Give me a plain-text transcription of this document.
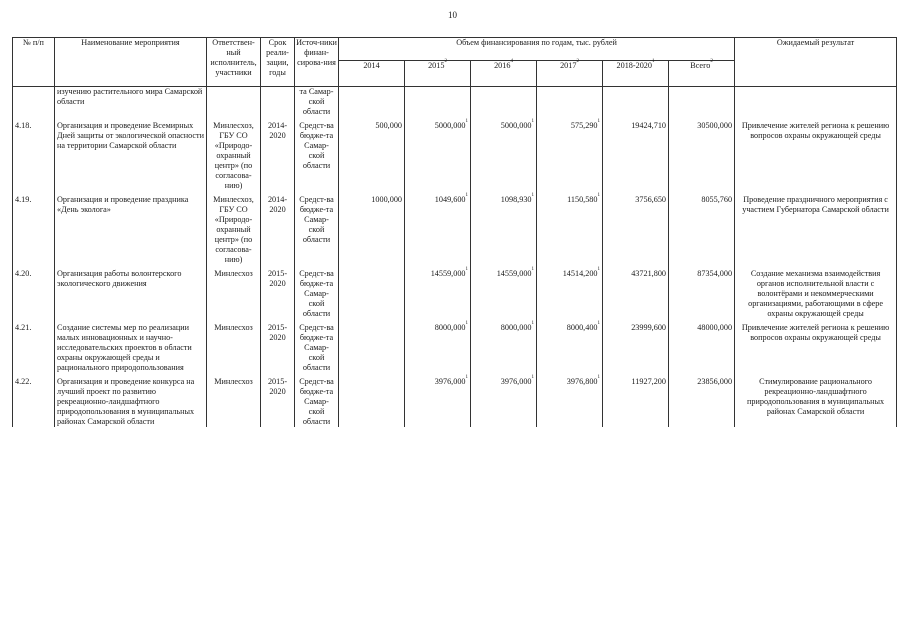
10
№ п/п	Наименование мероприятия	Ответствен-ный исполнитель, участники	Срок реали-зации, годы	Источ-ники финан-сирова-ния	Объем финансирования по годам, тыс. рублей						Ожидаемый результат
					2014	2015$^2$	2016$^4$	2017$^2$	2018-2020$^1$	Всего$^2$
	изучению растительного мира Самарской области			та Самар-ской области							
4.18.	Организация и проведение Всемирных Дней защиты от экологической опасности на территории Самарской области	Минлесхоз, ГБУ СО «Природо-охранный центр» (по согласова-нию)	2014-2020	Средст-ва бюдже-та Самар-ской области	500,000	5000,000$^1$	5000,000$^1$	575,290$^1$	19424,710	30500,000	Привлечение жителей региона к решению вопросов охраны окружающей среды
4.19.	Организация и проведение праздника «День эколога»	Минлесхоз, ГБУ СО «Природо-охранный центр» (по согласова-нию)	2014-2020	Средст-ва бюдже-та Самар-ской области	1000,000	1049,600$^1$	1098,930$^1$	1150,580$^1$	3756,650	8055,760	Проведение праздничного мероприятия с участием Губернатора Самарской области
4.20.	Организация работы волонтерского экологического движения	Минлесхоз	2015-2020	Средст-ва бюдже-та Самар-ской области		14559,000$^1$	14559,000$^1$	14514,200$^1$	43721,800	87354,000	Создание механизма взаимодействия органов исполнительной власти с волонтёрами и некоммерческими организациями, работающими в сфере охраны окружающей среды
4.21.	Создание системы мер по реализации малых инновационных и научно-исследовательских проектов в области охраны окружающей среды и рационального природопользования	Минлесхоз	2015-2020	Средст-ва бюдже-та Самар-ской области		8000,000$^1$	8000,000$^1$	8000,400$^1$	23999,600	48000,000	Привлечение жителей региона к решению вопросов охраны окружающей среды
4.22.	Организация и проведение конкурса на лучший проект по развитию рекреационно-ландшафтного природопользования в муниципальных районах Самарской области	Минлесхоз	2015-2020	Средст-ва бюдже-та Самар-ской области		3976,000$^1$	3976,000$^1$	3976,800$^1$	11927,200	23856,000	Стимулирование рационального рекреационно-ландшафтного природопользования в муниципальных районах Самарской области
